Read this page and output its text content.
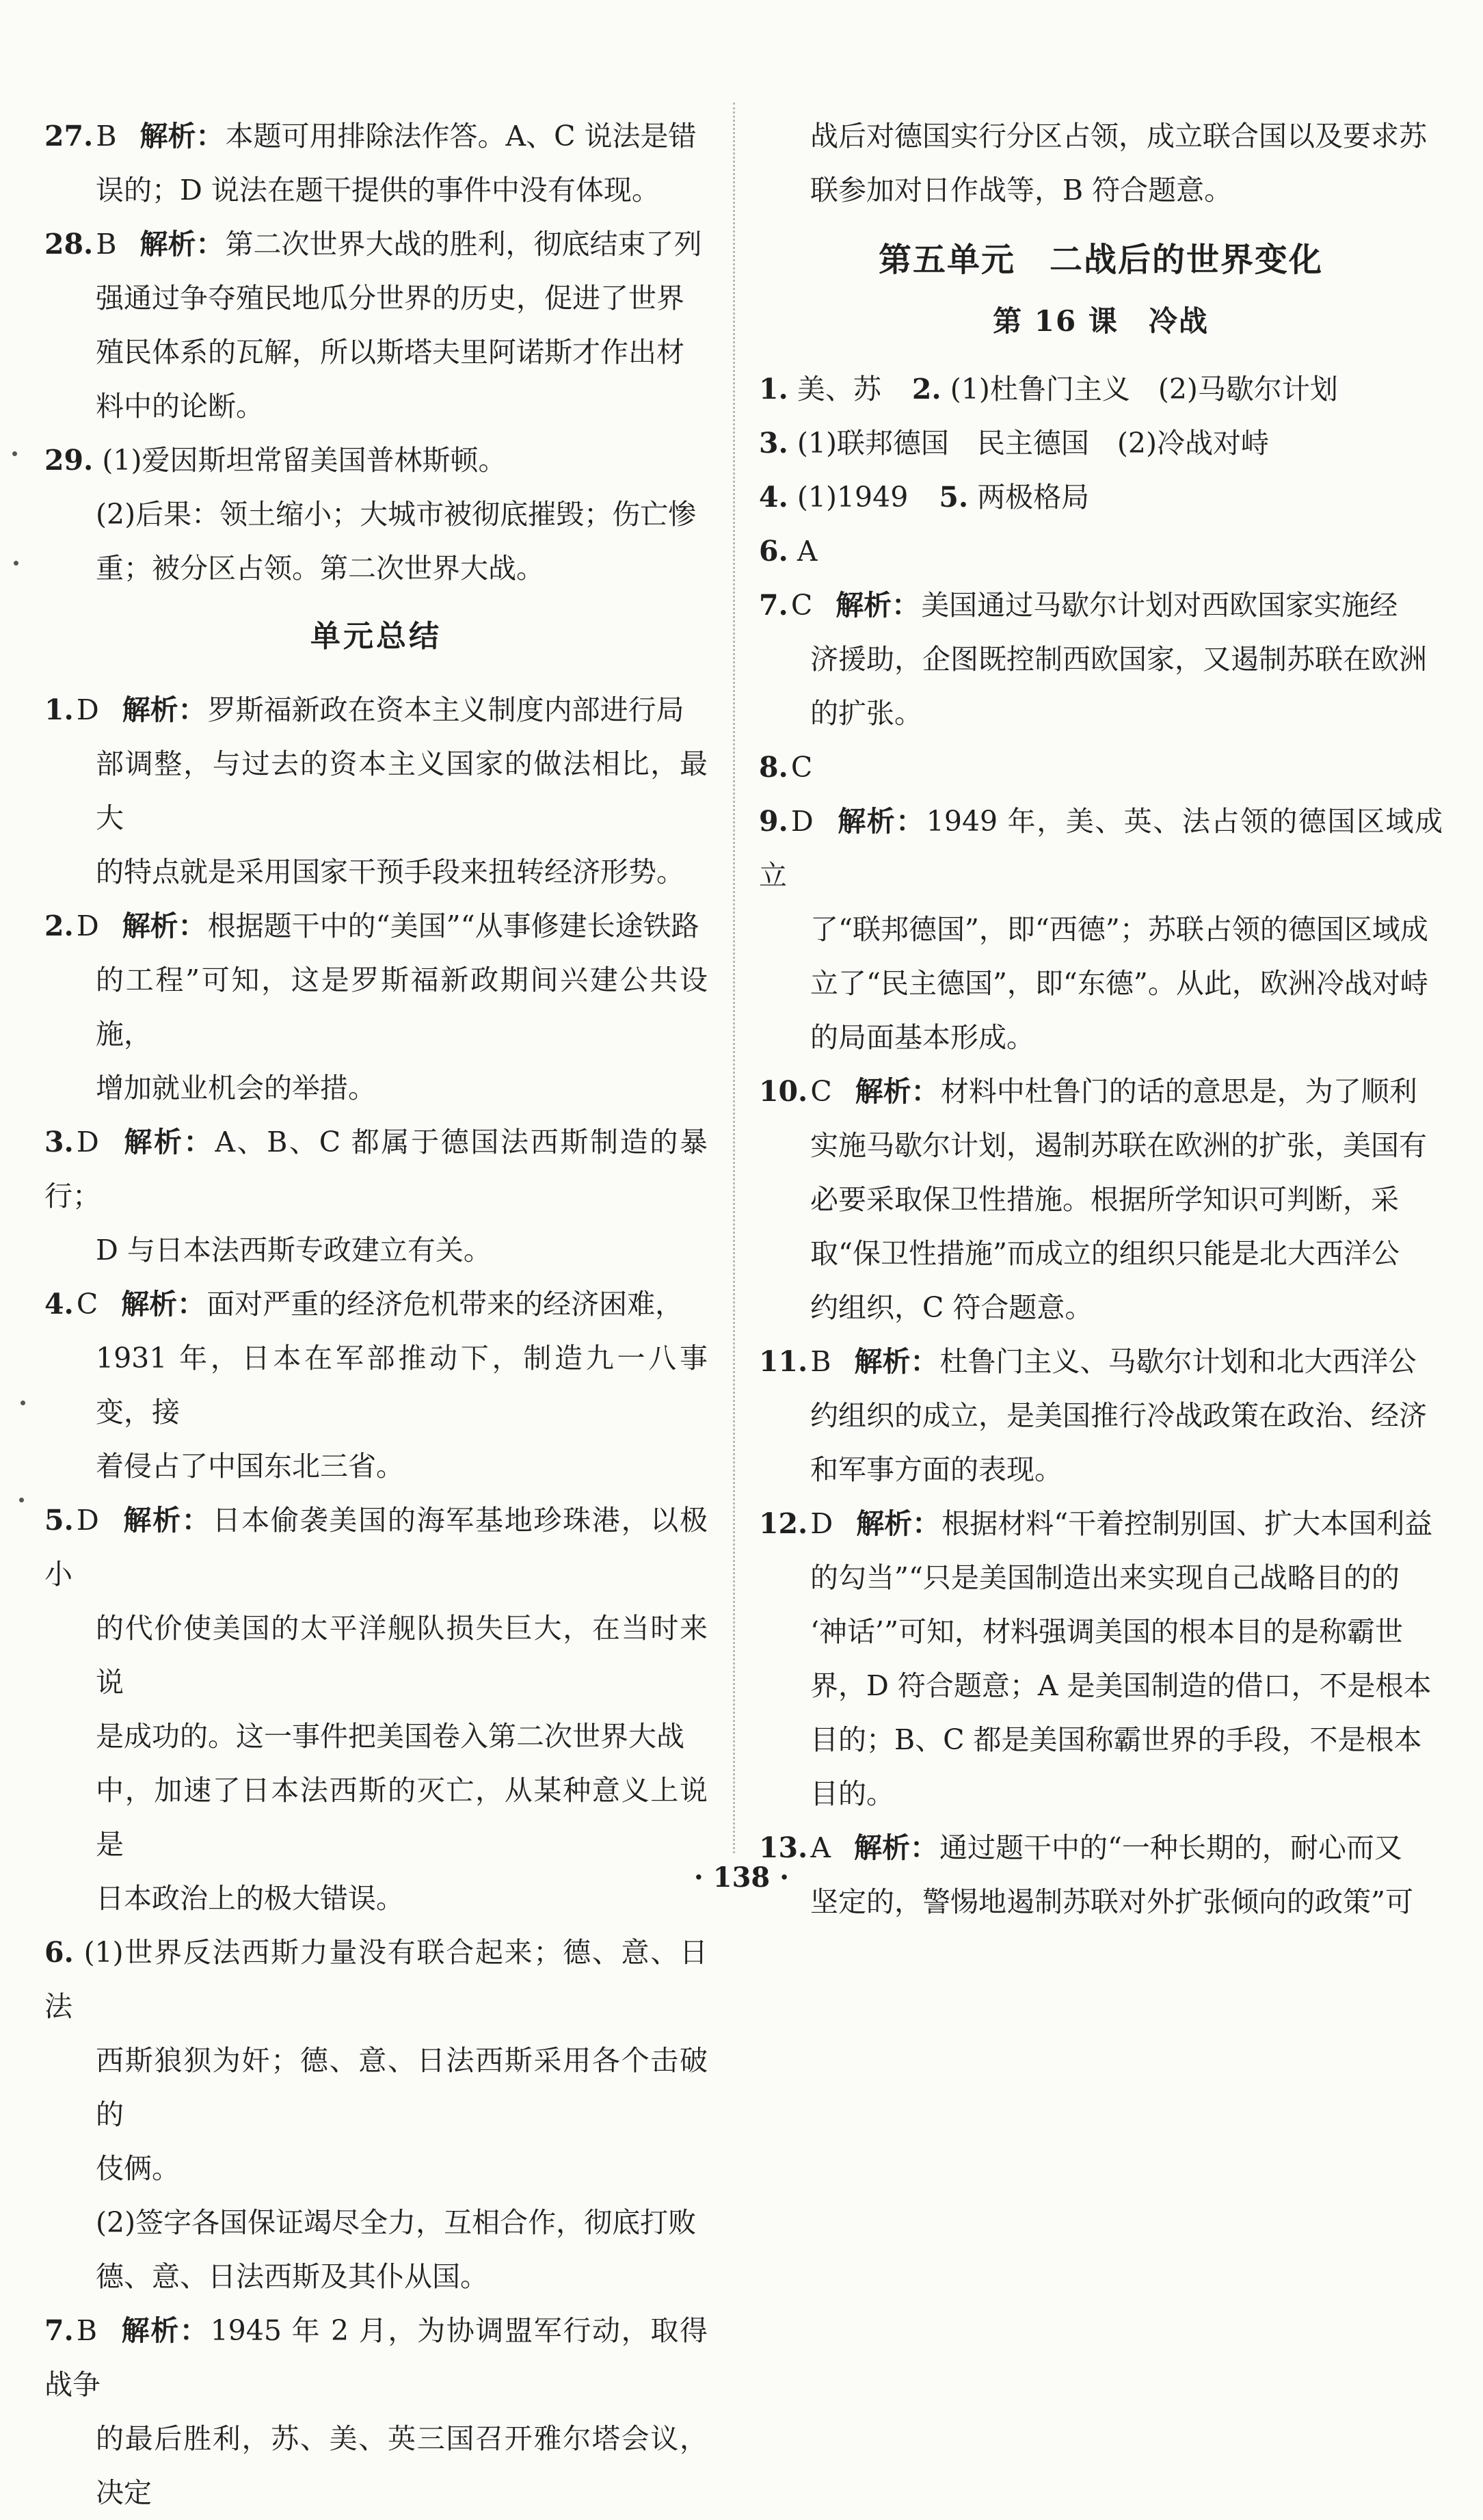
27.B 解析：本题可用排除法作答。A、C 说法是错
误的；D 说法在题干提供的事件中没有体现。
28.B 解析：第二次世界大战的胜利，彻底结束了列
强通过争夺殖民地瓜分世界的历史，促进了世界
殖民体系的瓦解，所以斯塔夫里阿诺斯才作出材
料中的论断。
29. (1)爱因斯坦常留美国普林斯顿。
(2)后果：领土缩小；大城市被彻底摧毁；伤亡惨
重；被分区占领。第二次世界大战。
单元总结
1.D 解析：罗斯福新政在资本主义制度内部进行局
部调整，与过去的资本主义国家的做法相比，最大
的特点就是采用国家干预手段来扭转经济形势。
2.D 解析：根据题干中的“美国”“从事修建长途铁路
的工程”可知，这是罗斯福新政期间兴建公共设施，
增加就业机会的举措。
3.D 解析：A、B、C 都属于德国法西斯制造的暴行；
D 与日本法西斯专政建立有关。
4.C 解析：面对严重的经济危机带来的经济困难，
1931 年，日本在军部推动下，制造九一八事变，接
着侵占了中国东北三省。
5.D 解析：日本偷袭美国的海军基地珍珠港，以极小
的代价使美国的太平洋舰队损失巨大，在当时来说
是成功的。这一事件把美国卷入第二次世界大战
中，加速了日本法西斯的灭亡，从某种意义上说是
日本政治上的极大错误。
6. (1)世界反法西斯力量没有联合起来；德、意、日法
西斯狼狈为奸；德、意、日法西斯采用各个击破的
伎俩。
(2)签字各国保证竭尽全力，互相合作，彻底打败
德、意、日法西斯及其仆从国。
7.B 解析：1945 年 2 月，为协调盟军行动，取得战争
的最后胜利，苏、美、英三国召开雅尔塔会议，决定
战后对德国实行分区占领，成立联合国以及要求苏
联参加对日作战等，B 符合题意。
第五单元　二战后的世界变化
第 16 课　冷战
1. 美、苏 2. (1)杜鲁门主义　(2)马歇尔计划
3. (1)联邦德国　民主德国　(2)冷战对峙
4. (1)1949 5. 两极格局
6. A
7.C 解析：美国通过马歇尔计划对西欧国家实施经
济援助，企图既控制西欧国家，又遏制苏联在欧洲
的扩张。
8.C
9.D 解析：1949 年，美、英、法占领的德国区域成立
了“联邦德国”，即“西德”；苏联占领的德国区域成
立了“民主德国”，即“东德”。从此，欧洲冷战对峙
的局面基本形成。
10.C 解析：材料中杜鲁门的话的意思是，为了顺利
实施马歇尔计划，遏制苏联在欧洲的扩张，美国有
必要采取保卫性措施。根据所学知识可判断，采
取“保卫性措施”而成立的组织只能是北大西洋公
约组织，C 符合题意。
11.B 解析：杜鲁门主义、马歇尔计划和北大西洋公
约组织的成立，是美国推行冷战政策在政治、经济
和军事方面的表现。
12.D 解析：根据材料“干着控制别国、扩大本国利益
的勾当”“只是美国制造出来实现自己战略目的的
‘神话’”可知，材料强调美国的根本目的是称霸世
界，D 符合题意；A 是美国制造的借口，不是根本
目的；B、C 都是美国称霸世界的手段，不是根本
目的。
13.A 解析：通过题干中的“一种长期的，耐心而又
坚定的，警惕地遏制苏联对外扩张倾向的政策”可
· 138 ·
